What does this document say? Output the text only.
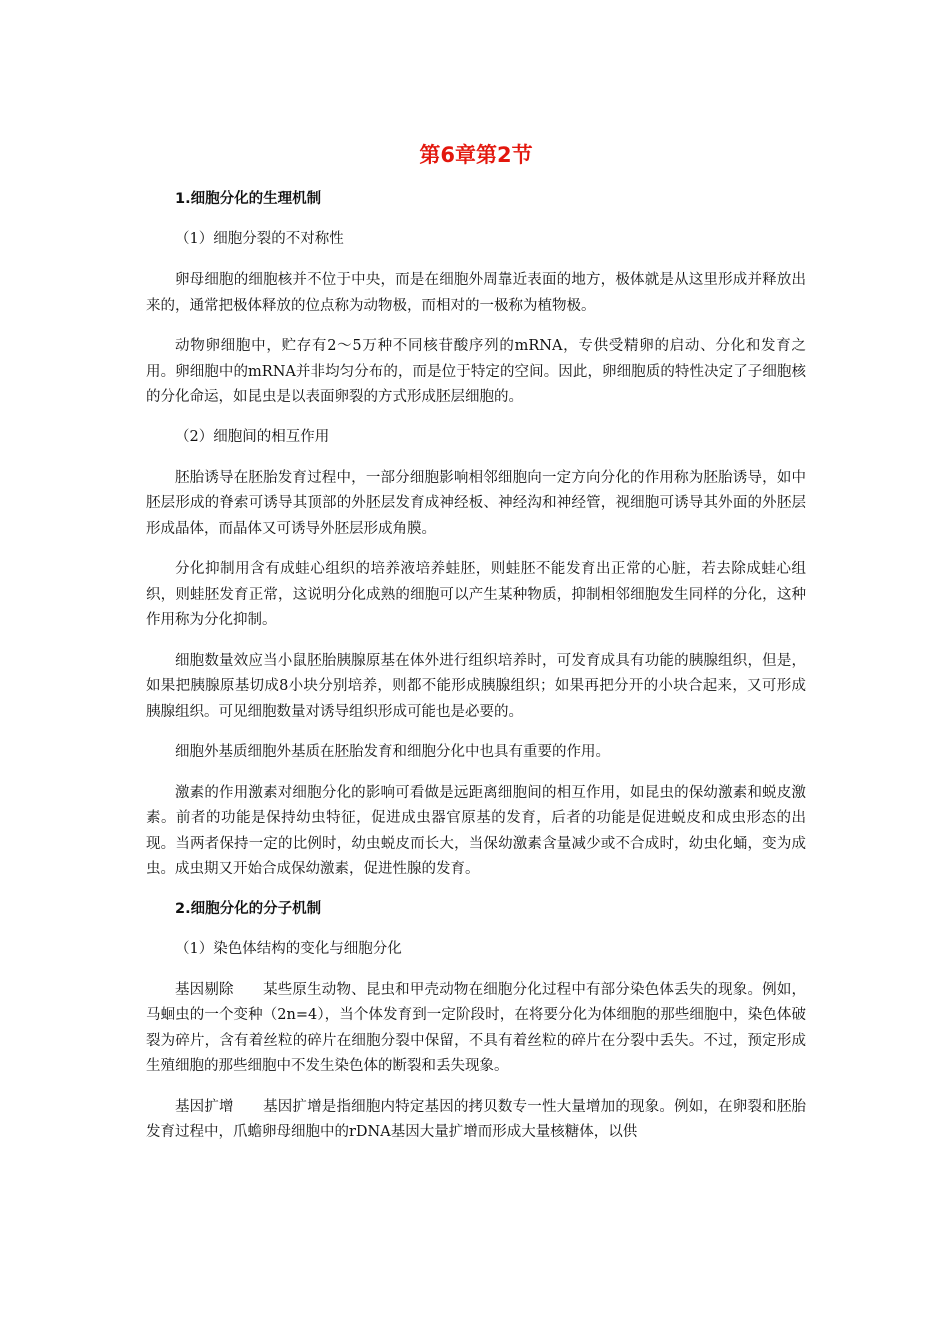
第6章第2节
1.细胞分化的生理机制
（1）细胞分裂的不对称性
卵母细胞的细胞核并不位于中央，而是在细胞外周靠近表面的地方，极体就是从这里形成并释放出来的，通常把极体释放的位点称为动物极，而相对的一极称为植物极。
动物卵细胞中，贮存有2～5万种不同核苷酸序列的mRNA，专供受精卵的启动、分化和发育之用。卵细胞中的mRNA并非均匀分布的，而是位于特定的空间。因此，卵细胞质的特性决定了子细胞核的分化命运，如昆虫是以表面卵裂的方式形成胚层细胞的。
（2）细胞间的相互作用
胚胎诱导在胚胎发育过程中，一部分细胞影响相邻细胞向一定方向分化的作用称为胚胎诱导，如中胚层形成的脊索可诱导其顶部的外胚层发育成神经板、神经沟和神经管，视细胞可诱导其外面的外胚层形成晶体，而晶体又可诱导外胚层形成角膜。
分化抑制用含有成蛙心组织的培养液培养蛙胚，则蛙胚不能发育出正常的心脏，若去除成蛙心组织，则蛙胚发育正常，这说明分化成熟的细胞可以产生某种物质，抑制相邻细胞发生同样的分化，这种作用称为分化抑制。
细胞数量效应当小鼠胚胎胰腺原基在体外进行组织培养时，可发育成具有功能的胰腺组织，但是，如果把胰腺原基切成8小块分别培养，则都不能形成胰腺组织；如果再把分开的小块合起来，又可形成胰腺组织。可见细胞数量对诱导组织形成可能也是必要的。
细胞外基质细胞外基质在胚胎发育和细胞分化中也具有重要的作用。
激素的作用激素对细胞分化的影响可看做是远距离细胞间的相互作用，如昆虫的保幼激素和蜕皮激素。前者的功能是保持幼虫特征，促进成虫器官原基的发育，后者的功能是促进蜕皮和成虫形态的出现。当两者保持一定的比例时，幼虫蜕皮而长大，当保幼激素含量减少或不合成时，幼虫化蛹，变为成虫。成虫期又开始合成保幼激素，促进性腺的发育。
2.细胞分化的分子机制
（1）染色体结构的变化与细胞分化
基因剔除　　某些原生动物、昆虫和甲壳动物在细胞分化过程中有部分染色体丢失的现象。例如，马蛔虫的一个变种（2n=4），当个体发育到一定阶段时，在将要分化为体细胞的那些细胞中，染色体破裂为碎片，含有着丝粒的碎片在细胞分裂中保留，不具有着丝粒的碎片在分裂中丢失。不过，预定形成生殖细胞的那些细胞中不发生染色体的断裂和丢失现象。
基因扩增　　基因扩增是指细胞内特定基因的拷贝数专一性大量增加的现象。例如，在卵裂和胚胎发育过程中，爪蟾卵母细胞中的rDNA基因大量扩增而形成大量核糖体，以供
